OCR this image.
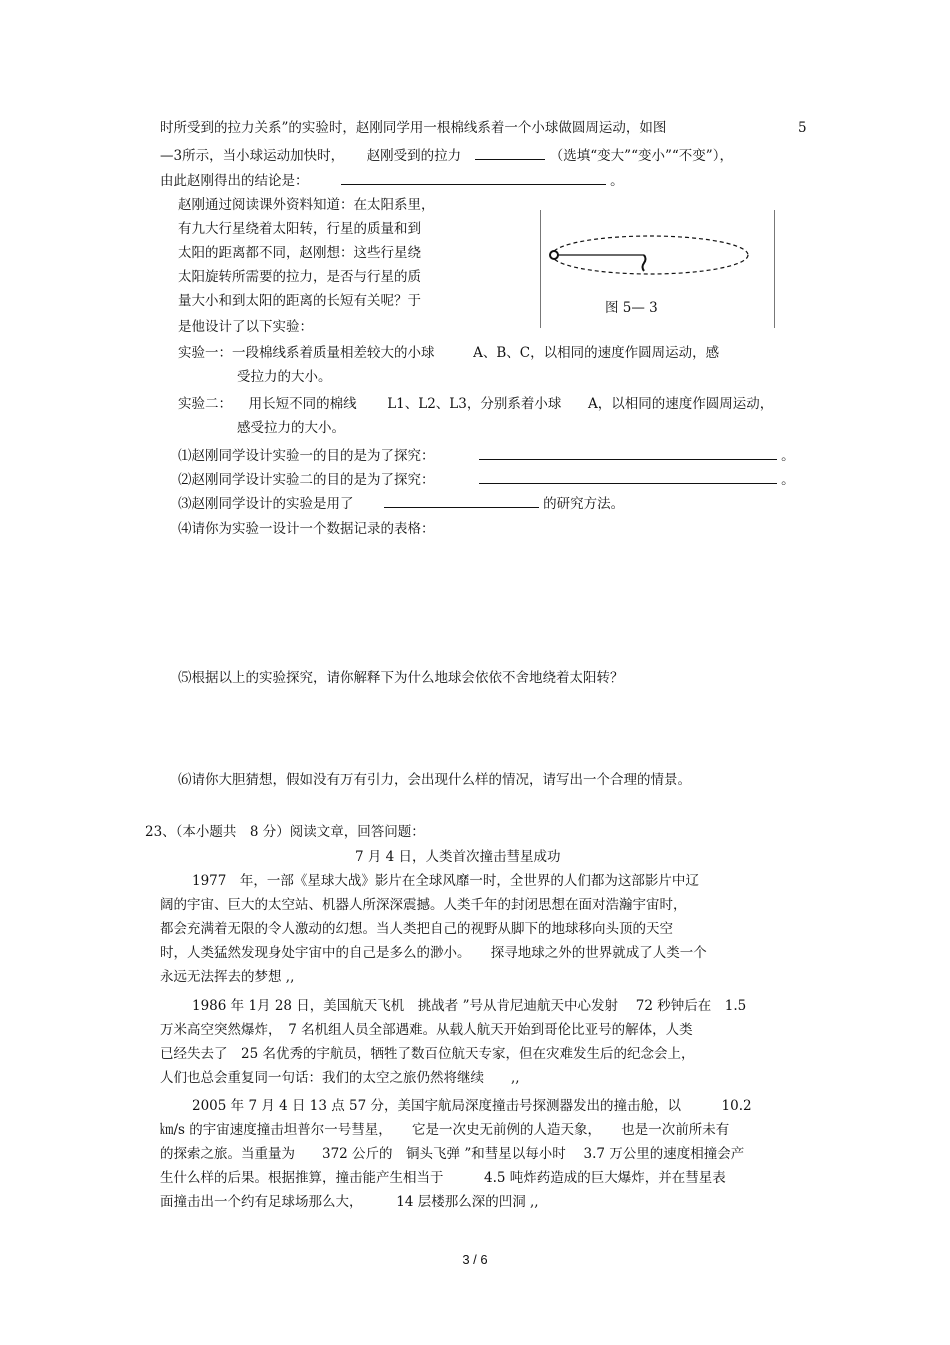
时所受到的拉力关系”的实验时，赵刚同学用一根棉线系着一个小球做圆周运动，如图	5
—3所示，当小球运动加快时， 赵刚受到的拉力	（选填“变大”“变小”“不变”），
由此赵刚得出的结论是：	。
赵刚通过阅读课外资料知道：在太阳系里，
有九大行星绕着太阳转，行星的质量和到
太阳的距离都不同，赵刚想：这些行星绕
太阳旋转所需要的拉力，是否与行星的质
量大小和到太阳的距离的长短有关呢？于
是他设计了以下实验：
图 5— 3
实验一：一段棉线系着质量相差较大的小球	A、B、C，以相同的速度作圆周运动，感
受拉力的大小。
实验二： 用长短不同的棉线 L1、L2、L3，分别系着小球 A，以相同的速度作圆周运动，
感受拉力的大小。
⑴赵刚同学设计实验一的目的是为了探究：	。
⑵赵刚同学设计实验二的目的是为了探究：	。
⑶赵刚同学设计的实验是用了	的研究方法。
⑷请你为实验一设计一个数据记录的表格：
⑸根据以上的实验探究，请你解释下为什么地球会依依不舍地绕着太阳转？
⑹请你大胆猜想，假如没有万有引力，会出现什么样的情况，请写出一个合理的情景。
23、（本小题共　8 分）阅读文章，回答问题：
7 月 4 日，人类首次撞击彗星成功
1977　年，一部《星球大战》影片在全球风靡一时，全世界的人们都为这部影片中辽
阔的宇宙、巨大的太空站、机器人所深深震撼。人类千年的封闭思想在面对浩瀚宇宙时，
都会充满着无限的令人激动的幻想。当人类把自己的视野从脚下的地球移向头顶的天空
时，人类猛然发现身处宇宙中的自己是多么的渺小。　　探寻地球之外的世界就成了人类一个
永远无法挥去的梦想 ,,
1986 年 1月 28 日，美国航天飞机　挑战者 ”号从肯尼迪航天中心发射　 72 秒钟后在　1.5
万米高空突然爆炸，　7 名机组人员全部遇难。从载人航天开始到哥伦比亚号的解体，人类
已经失去了　25 名优秀的宇航员，牺牲了数百位航天专家，但在灾难发生后的纪念会上，
人们也总会重复同一句话：我们的太空之旅仍然将继续　　,,
2005 年 7 月 4 日 13 点 57 分，美国宇航局深度撞击号探测器发出的撞击舱，以　　　10.2
㎞/s 的宇宙速度撞击坦普尔一号彗星，　　它是一次史无前例的人造天象，　　也是一次前所未有
的探索之旅。当重量为　　372 公斤的　铜头飞弹 ”和彗星以每小时　 3.7 万公里的速度相撞会产
生什么样的后果。根据推算，撞击能产生相当于　　　4.5 吨炸药造成的巨大爆炸，并在彗星表
面撞击出一个约有足球场那么大，　　　14 层楼那么深的凹洞 ,,
3 / 6
